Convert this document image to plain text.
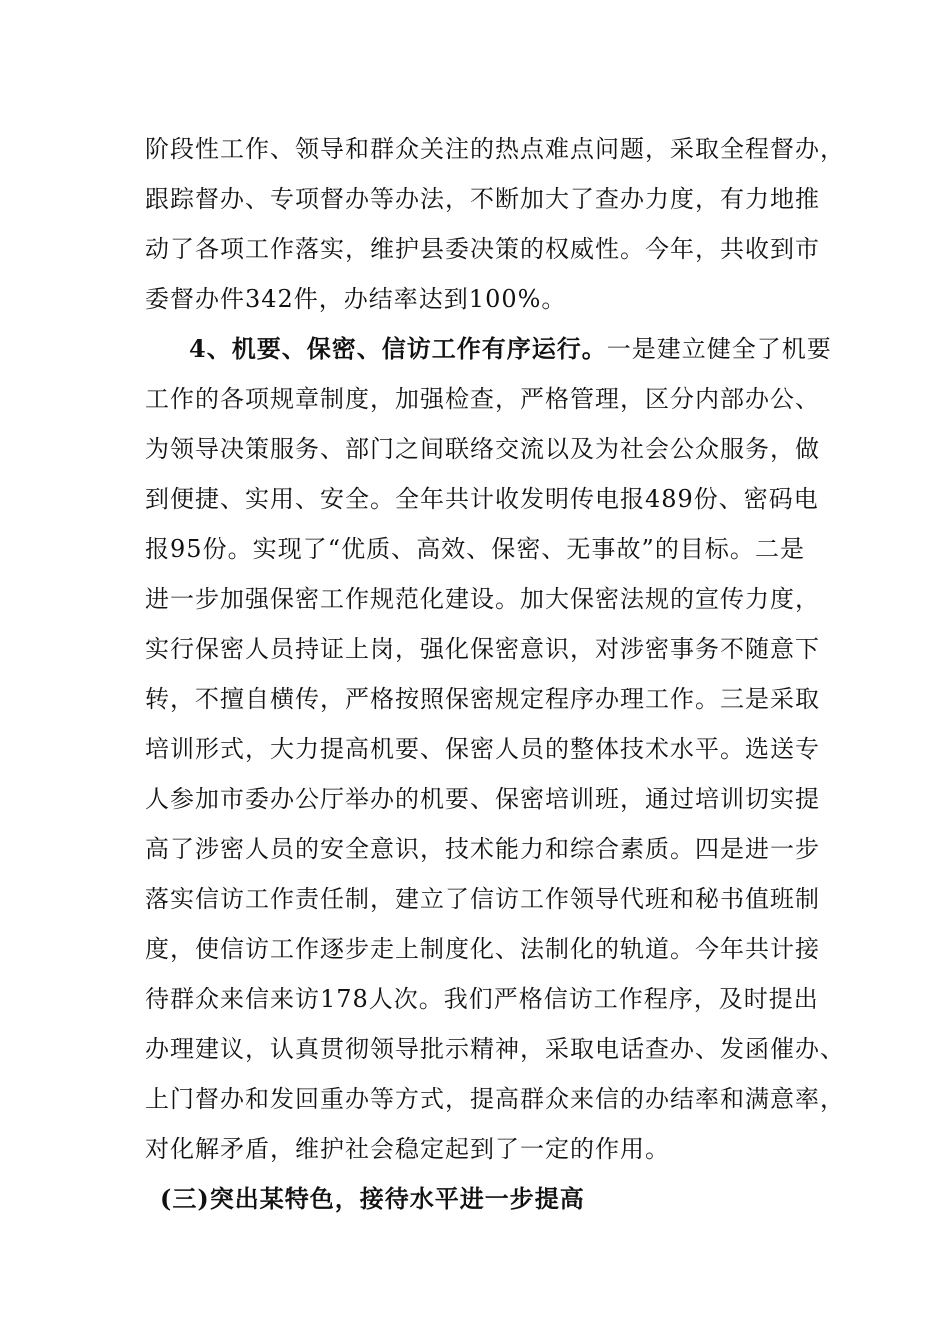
阶段性工作、领导和群众关注的热点难点问题，采取全程督办，
跟踪督办、专项督办等办法，不断加大了查办力度，有力地推
动了各项工作落实，维护县委决策的权威性。今年，共收到市
委督办件342件，办结率达到100%。
4、机要、保密、信访工作有序运行。一是建立健全了机要
工作的各项规章制度，加强检查，严格管理，区分内部办公、
为领导决策服务、部门之间联络交流以及为社会公众服务，做
到便捷、实用、安全。全年共计收发明传电报489份、密码电
报95份。实现了“优质、高效、保密、无事故”的目标。二是
进一步加强保密工作规范化建设。加大保密法规的宣传力度，
实行保密人员持证上岗，强化保密意识，对涉密事务不随意下
转，不擅自横传，严格按照保密规定程序办理工作。三是采取
培训形式，大力提高机要、保密人员的整体技术水平。选送专
人参加市委办公厅举办的机要、保密培训班，通过培训切实提
高了涉密人员的安全意识，技术能力和综合素质。四是进一步
落实信访工作责任制，建立了信访工作领导代班和秘书值班制
度，使信访工作逐步走上制度化、法制化的轨道。今年共计接
待群众来信来访178人次。我们严格信访工作程序，及时提出
办理建议，认真贯彻领导批示精神，采取电话查办、发函催办、
上门督办和发回重办等方式，提高群众来信的办结率和满意率，
对化解矛盾，维护社会稳定起到了一定的作用。
(三)突出某特色，接待水平进一步提高
